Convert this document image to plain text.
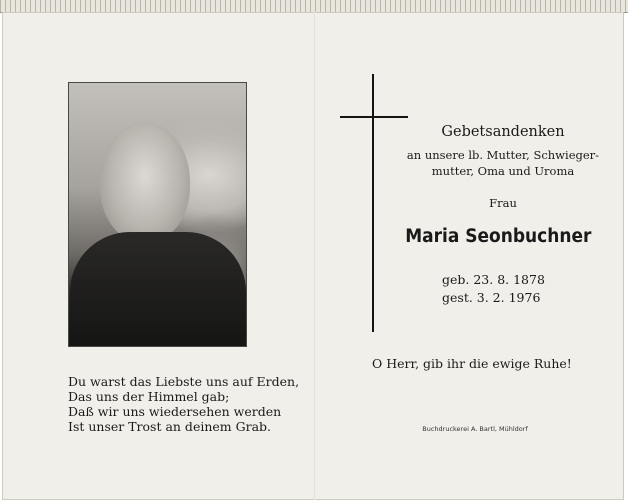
Du warst das Liebste uns auf Erden,
Das uns der Himmel gab;
Daß wir uns wiedersehen werden
Ist unser Trost an deinem Grab.
Gebetsandenken
an unsere lb. Mutter, Schwieger-
mutter, Oma und Uroma
Frau
Maria Seonbuchner
geb. 23. 8. 1878
gest. 3. 2. 1976
O Herr, gib ihr die ewige Ruhe!
Buchdruckerei A. Bartl, Mühldorf
